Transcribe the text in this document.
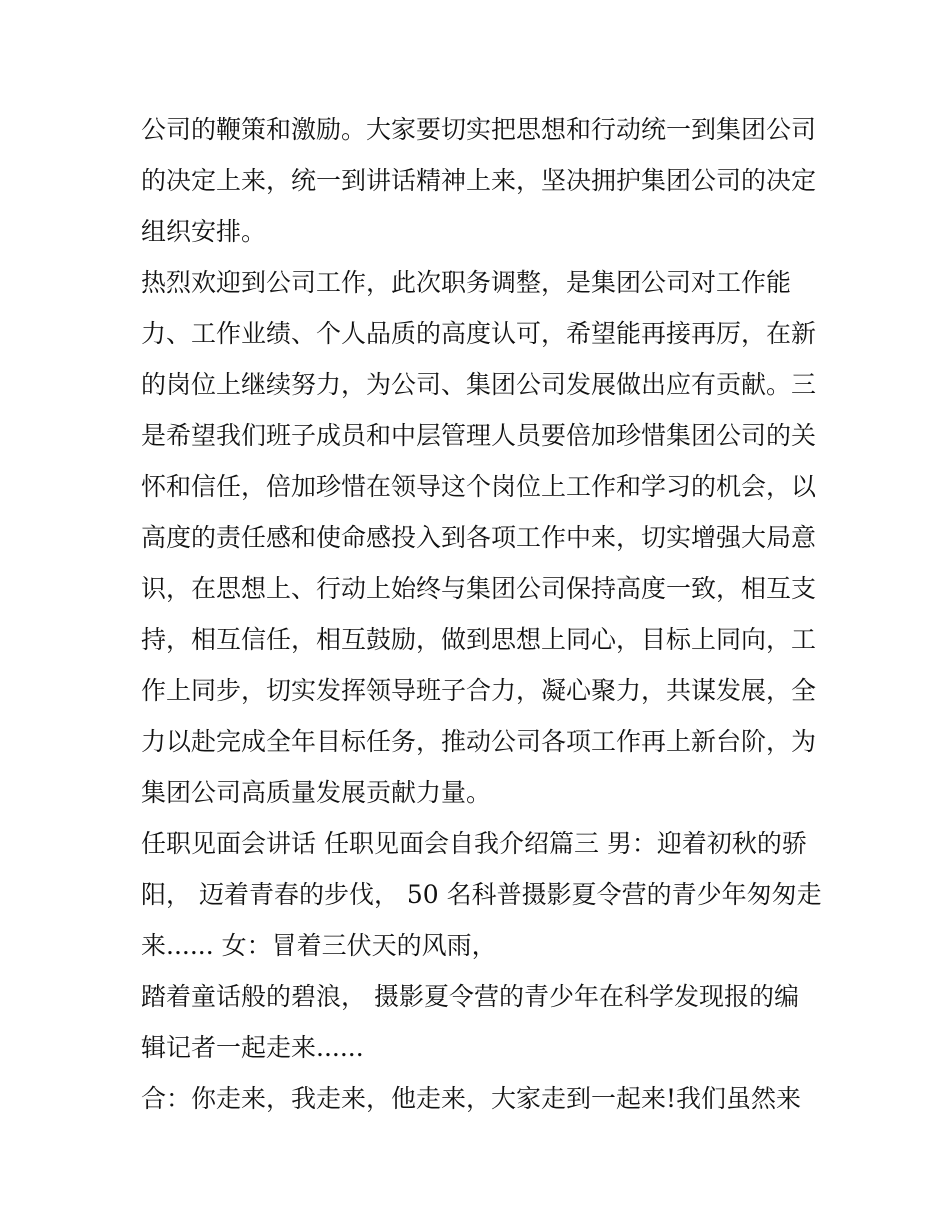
公司的鞭策和激励。大家要切实把思想和行动统一到集团公司
的决定上来，统一到讲话精神上来，坚决拥护集团公司的决定
组织安排。
热烈欢迎到公司工作，此次职务调整，是集团公司对工作能
力、工作业绩、个人品质的高度认可，希望能再接再厉，在新
的岗位上继续努力，为公司、集团公司发展做出应有贡献。三
是希望我们班子成员和中层管理人员要倍加珍惜集团公司的关
怀和信任，倍加珍惜在领导这个岗位上工作和学习的机会，以
高度的责任感和使命感投入到各项工作中来，切实增强大局意
识，在思想上、行动上始终与集团公司保持高度一致，相互支
持，相互信任，相互鼓励，做到思想上同心，目标上同向，工
作上同步，切实发挥领导班子合力，凝心聚力，共谋发展，全
力以赴完成全年目标任务，推动公司各项工作再上新台阶，为
集团公司高质量发展贡献力量。
任职见面会讲话 任职见面会自我介绍篇三 男：迎着初秋的骄
阳， 迈着青春的步伐， 50 名科普摄影夏令营的青少年匆匆走
来...... 女：冒着三伏天的风雨，
踏着童话般的碧浪， 摄影夏令营的青少年在科学发现报的编
辑记者一起走来......
合：你走来，我走来，他走来，大家走到一起来!我们虽然来
